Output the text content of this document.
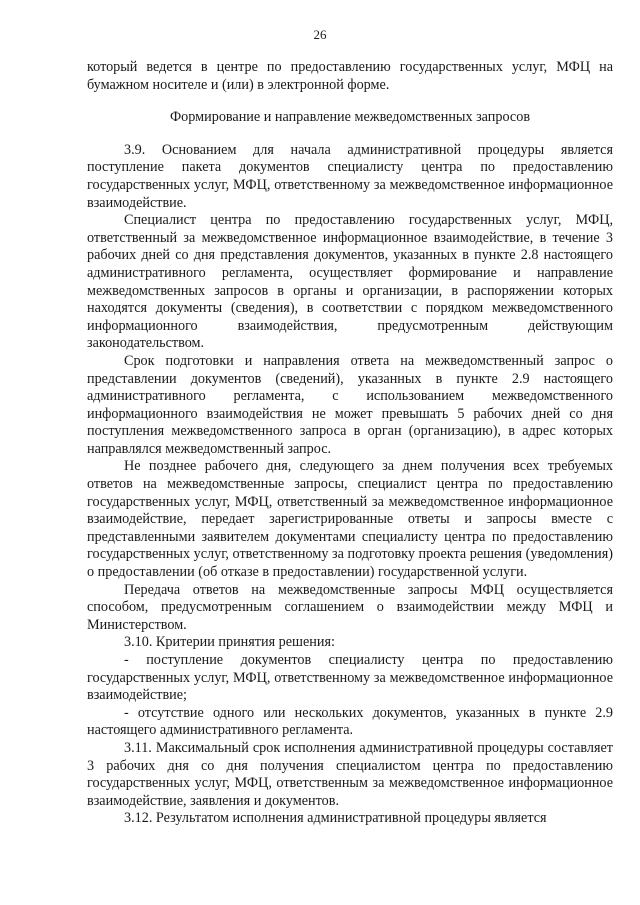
26

который ведется в центре по предоставлению государственных услуг, МФЦ на бумажном носителе и (или) в электронной форме.

Формирование и направление межведомственных запросов

3.9. Основанием для начала административной процедуры является поступление пакета документов специалисту центра по предоставлению государственных услуг, МФЦ, ответственному за межведомственное информационное взаимодействие.

Специалист центра по предоставлению государственных услуг, МФЦ, ответственный за межведомственное информационное взаимодействие, в течение 3 рабочих дней со дня представления документов, указанных в пункте 2.8 настоящего административного регламента, осуществляет формирование и направление межведомственных запросов в органы и организации, в распоряжении которых находятся документы (сведения), в соответствии с порядком межведомственного информационного взаимодействия, предусмотренным действующим законодательством.

Срок подготовки и направления ответа на межведомственный запрос о представлении документов (сведений), указанных в пункте 2.9 настоящего административного регламента, с использованием межведомственного информационного взаимодействия не может превышать 5 рабочих дней со дня поступления межведомственного запроса в орган (организацию), в адрес которых направлялся межведомственный запрос.

Не позднее рабочего дня, следующего за днем получения всех требуемых ответов на межведомственные запросы, специалист центра по предоставлению государственных услуг, МФЦ, ответственный за межведомственное информационное взаимодействие, передает зарегистрированные ответы и запросы вместе с представленными заявителем документами специалисту центра по предоставлению государственных услуг, ответственному за подготовку проекта решения (уведомления) о предоставлении (об отказе в предоставлении) государственной услуги.

Передача ответов на межведомственные запросы МФЦ осуществляется способом, предусмотренным соглашением о взаимодействии между МФЦ и Министерством.

3.10. Критерии принятия решения:

- поступление документов специалисту центра по предоставлению государственных услуг, МФЦ, ответственному за межведомственное информационное взаимодействие;

- отсутствие одного или нескольких документов, указанных в пункте 2.9 настоящего административного регламента.

3.11. Максимальный срок исполнения административной процедуры составляет 3 рабочих дня со дня получения специалистом центра по предоставлению государственных услуг, МФЦ, ответственным за межведомственное информационное взаимодействие, заявления и документов.

3.12. Результатом исполнения административной процедуры является
